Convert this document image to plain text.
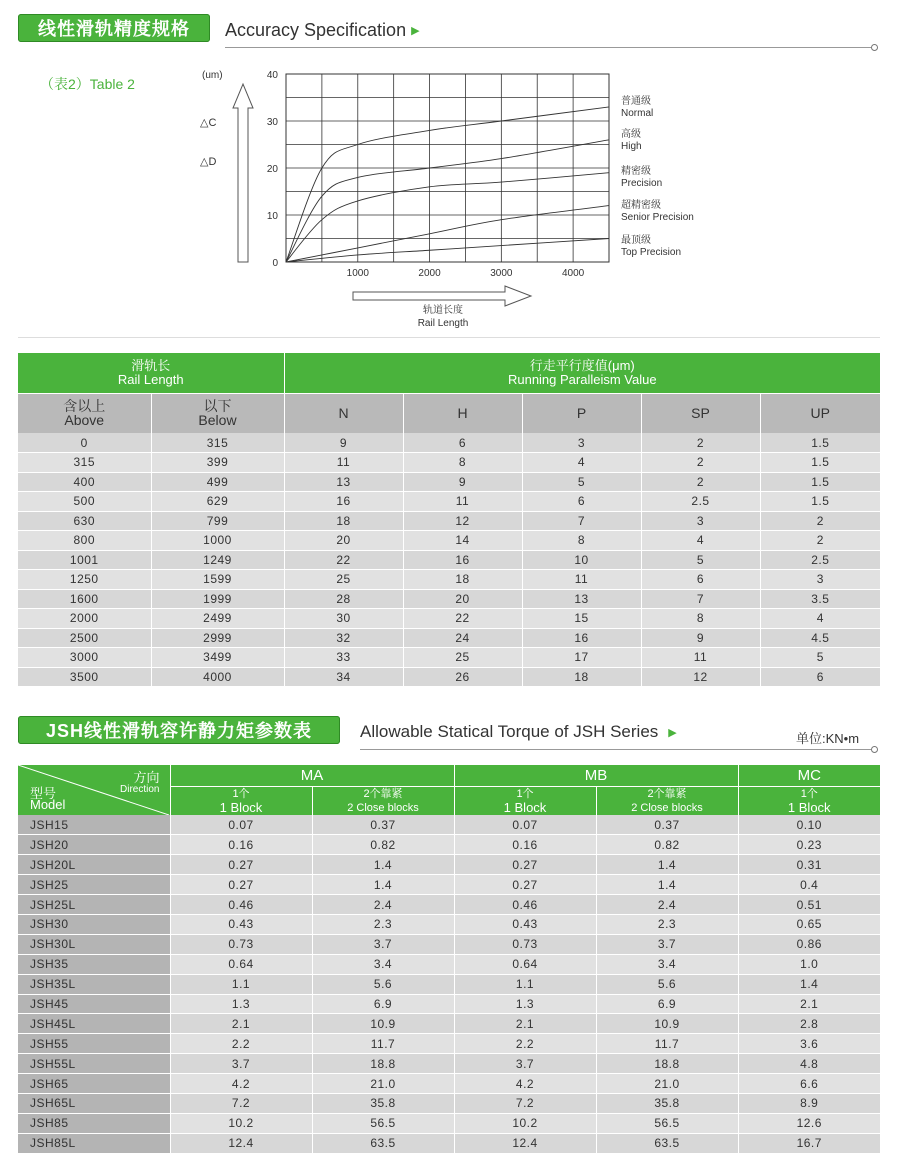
线性滑轨精度规格	Accuracy Specification ▶
（表2）Table 2
0
10
20
30
40
1000	2000	3000	4000
(um)
△C
△D
轨道长度
Rail Length
普通级
Normal
高级
High
精密级
Precision
超精密级
Senior Precision
最顶级
Top Precision
滑轨长
Rail Length		行走平行度值(μm)
Running Paralleism Value				

含以上
Above	以下
Below	N	H	P	SP	UP
0	315	9	6	3	2	1.5
315	399	11	8	4	2	1.5
400	499	13	9	5	2	1.5
500	629	16	11	6	2.5	1.5
630	799	18	12	7	3	2
800	1000	20	14	8	4	2
1001	1249	22	16	10	5	2.5
1250	1599	25	18	11	6	3
1600	1999	28	20	13	7	3.5
2000	2499	30	22	15	8	4
2500	2999	32	24	16	9	4.5
3000	3499	33	25	17	11	5
3500	4000	34	26	18	12	6
JSH线性滑轨容许静力矩参数表	Allowable Statical Torque of JSH Series ▶	单位:KN•m
方向
Direction
型号
Model	MA		MB		MC

	1个
1 Block	2个靠紧
2 Close blocks	1个
1 Block	2个靠紧
2 Close blocks	1个
1 Block

JSH15	0.07	0.37	0.07	0.37	0.10
JSH20	0.16	0.82	0.16	0.82	0.23
JSH20L	0.27	1.4	0.27	1.4	0.31
JSH25	0.27	1.4	0.27	1.4	0.4
JSH25L	0.46	2.4	0.46	2.4	0.51
JSH30	0.43	2.3	0.43	2.3	0.65
JSH30L	0.73	3.7	0.73	3.7	0.86
JSH35	0.64	3.4	0.64	3.4	1.0
JSH35L	1.1	5.6	1.1	5.6	1.4
JSH45	1.3	6.9	1.3	6.9	2.1
JSH45L	2.1	10.9	2.1	10.9	2.8
JSH55	2.2	11.7	2.2	11.7	3.6
JSH55L	3.7	18.8	3.7	18.8	4.8
JSH65	4.2	21.0	4.2	21.0	6.6
JSH65L	7.2	35.8	7.2	35.8	8.9
JSH85	10.2	56.5	10.2	56.5	12.6
JSH85L	12.4	63.5	12.4	63.5	16.7
